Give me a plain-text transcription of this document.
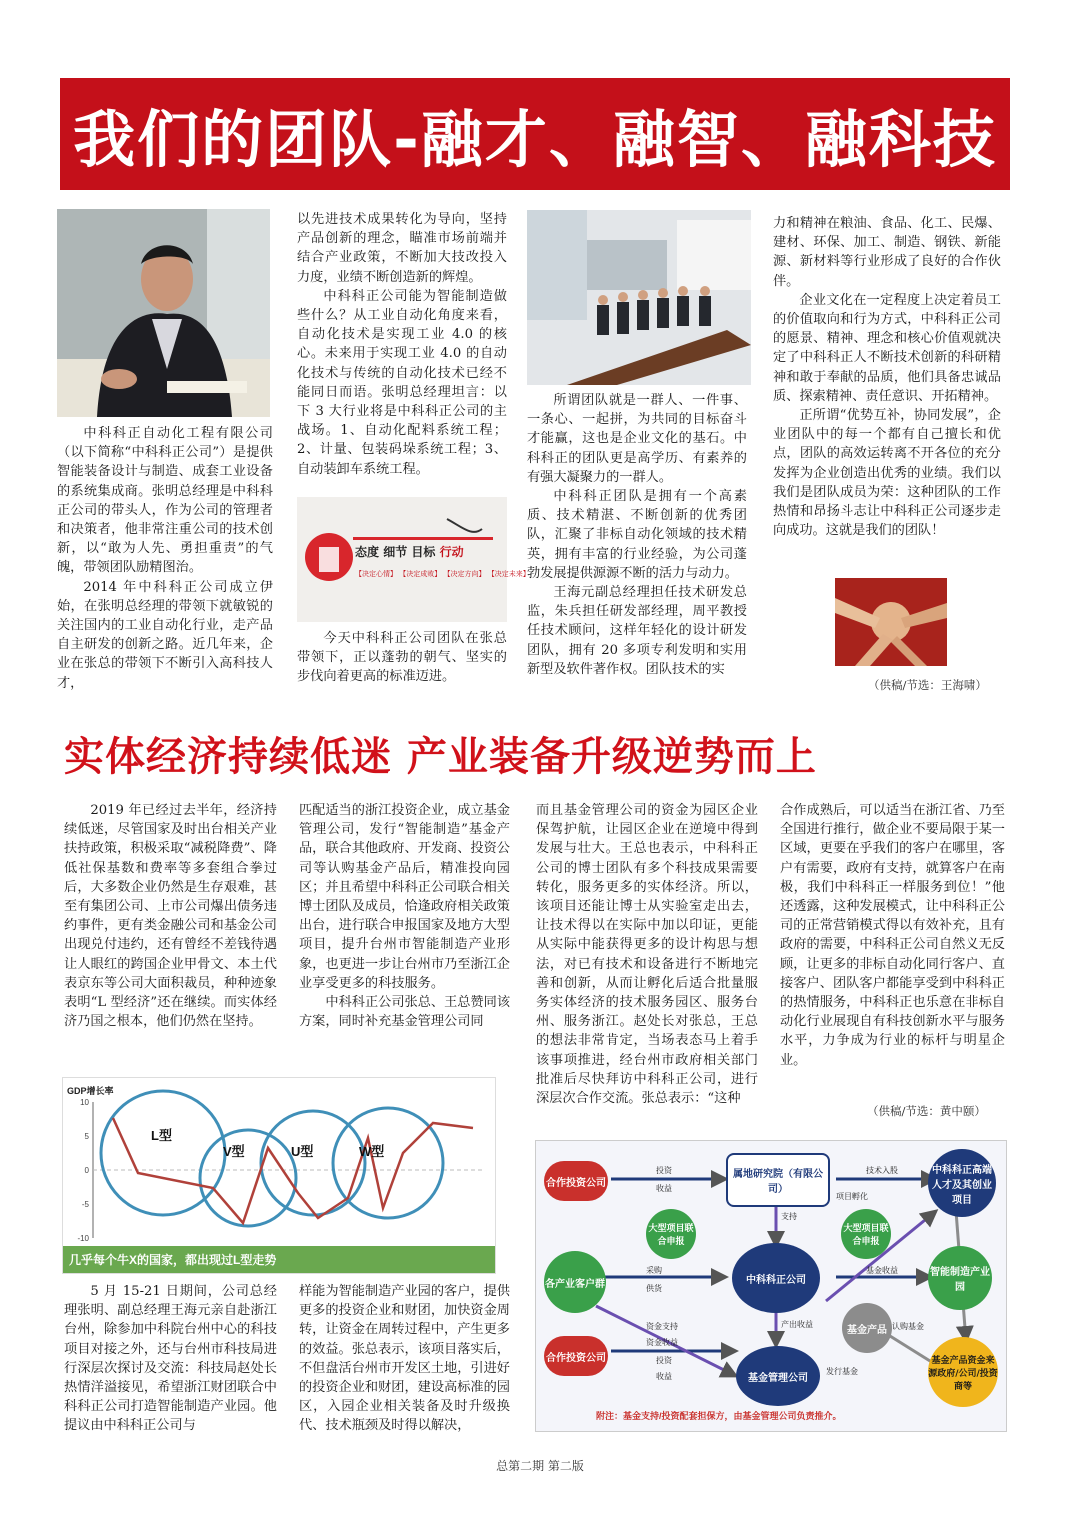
我们的团队-融才、融智、融科技

中科科正自动化工程有限公司（以下简称“中科科正公司”）是提供智能装备设计与制造、成套工业设备的系统集成商。张明总经理是中科科正公司的带头人，作为公司的管理者和决策者，他非常注重公司的技术创新，以“敢为人先、勇担重责”的气魄，带领团队励精图治。

2014 年中科科正公司成立伊始，在张明总经理的带领下就敏锐的关注国内的工业自动化行业，走产品自主研发的创新之路。近几年来，企业在张总的带领下不断引入高科技人才，

以先进技术成果转化为导向，坚持产品创新的理念，瞄准市场前端并结合产业政策，不断加大技改投入力度，业绩不断创造新的辉煌。

中科科正公司能为智能制造做些什么？从工业自动化角度来看，自动化技术是实现工业 4.0 的核心。未来用于实现工业 4.0 的自动化技术与传统的自动化技术已经不能同日而语。张明总经理坦言：以下 3 大行业将是中科科正公司的主战场。1、自动化配料系统工程；2、计量、包装码垛系统工程；3、自动装卸车系统工程。

态度 细节 目标 行动
【决定心情】 【决定成败】 【决定方向】 【决定未来】

今天中科科正公司团队在张总带领下，正以蓬勃的朝气、坚实的步伐向着更高的标准迈进。

所谓团队就是一群人、一件事、一条心、一起拼，为共同的目标奋斗才能赢，这也是企业文化的基石。中科科正的团队更是高学历、有素养的有强大凝聚力的一群人。

中科科正团队是拥有一个高素质、技术精湛、不断创新的优秀团队，汇聚了非标自动化领域的技术精英，拥有丰富的行业经验，为公司蓬勃发展提供源源不断的活力与动力。

王海元副总经理担任技术研发总监，朱兵担任研发部经理，周平教授任技术顾问，这样年轻化的设计研发团队，拥有 20 多项专利发明和实用新型及软件著作权。团队技术的实

力和精神在粮油、食品、化工、民爆、建材、环保、加工、制造、钢铁、新能源、新材料等行业形成了良好的合作伙伴。

企业文化在一定程度上决定着员工的价值取向和行为方式，中科科正公司的愿景、精神、理念和核心价值观就决定了中科科正人不断技术创新的科研精神和敢于奉献的品质，他们具备忠诚品质、探索精神、责任意识、开拓精神。

正所谓“优势互补，协同发展”，企业团队中的每一个都有自己擅长和优点，团队的高效运转离不开各位的充分发挥为企业创造出优秀的业绩。我们以我们是团队成员为荣：这种团队的工作热情和昂扬斗志让中科科正公司逐步走向成功。这就是我们的团队！

（供稿/节选：王海啸）
实体经济持续低迷 产业装备升级逆势而上

2019 年已经过去半年，经济持续低迷，尽管国家及时出台相关产业扶持政策，积极采取“减税降费”、降低社保基数和费率等多套组合拳过后，大多数企业仍然是生存艰难，甚至有集团公司、上市公司爆出债务违约事件，更有类金融公司和基金公司出现兑付违约，还有曾经不差钱待遇让人眼红的跨国企业甲骨文、本土代表京东等公司大面积裁员，种种迹象表明“L 型经济”还在继续。而实体经济乃国之根本，他们仍然在坚持。

匹配适当的浙江投资企业，成立基金管理公司，发行“智能制造”基金产品，联合其他政府、开发商、投资公司等认购基金产品后，精准投向园区；并且希望中科科正公司联合相关博士团队及成员，恰逢政府相关政策出台，进行联合申报国家及地方大型项目，提升台州市智能制造产业形象，也更进一步让台州市乃至浙江企业享受更多的科技服务。

中科科正公司张总、王总赞同该方案，同时补充基金管理公司同

而且基金管理公司的资金为园区企业保驾护航，让园区企业在逆境中得到发展与壮大。王总也表示，中科科正公司的博士团队有多个科技成果需要转化，服务更多的实体经济。所以，该项目还能让博士从实验室走出去，让技术得以在实际中加以印证，更能从实际中能获得更多的设计构思与想法，对已有技术和设备进行不断地完善和创新，从而让孵化后适合批量服务实体经济的技术服务园区、服务台州、服务浙江。赵处长对张总，王总的想法非常肯定，当场表态马上着手该事项推进，经台州市政府相关部门批准后尽快拜访中科科正公司，进行深层次合作交流。张总表示：“这种

合作成熟后，可以适当在浙江省、乃至全国进行推行，做企业不要局限于某一区域，更要在乎我们的客户在哪里，客户有需要，政府有支持，就算客户在南极，我们中科科正一样服务到位！”他还透露，这种发展模式，让中科科正公司的正常营销模式得以有效补充，且有政府的需要，中科科正公司自然义无反顾，让更多的非标自动化同行客户、直接客户、团队客户都能享受到中科科正的热情服务，中科科正也乐意在非标自动化行业展现自有科技创新水平与服务水平，力争成为行业的标杆与明星企业。

（供稿/节选：黄中颐）
GDP增长率
10
5
0
-5
-10
L型
V型	U型	W型
几乎每个牛X的国家，都出现过L型走势

5 月 15-21 日期间，公司总经理张明、副总经理王海元亲自赴浙江台州，除参加中科院台州中心的科技项目对接之外，还与台州市科技局进行深层次探讨及交流：科技局赵处长热情洋溢接见，希望浙江财团联合中科科正公司打造智能制造产业园。他提议由中科科正公司与

样能为智能制造产业园的客户，提供更多的投资企业和财团，加快资金周转，让资金在周转过程中，产生更多的效益。张总表示，该项目落实后，不但盘活台州市开发区土地，引进好的投资企业和财团，建设高标准的园区，入园企业相关装备及时升级换代、技术瓶颈及时得以解决，

合作投资公司
属地研究院（有限公司）
中科科正高端人才及其创业项目
大型项目联合申报
大型项目联合申报
各产业客户群	中科科正公司
智能制造产业园
基金产品
合作投资公司
基金管理公司
基金产品资金来源政府/公司/投资商等
投资
收益
技术入股
支持
项目孵化
采购
供货
基金收益
资金支持
资金收益
产出收益
发行基金
认购基金
投资
收益
附注：基金支持/投资配套担保方，由基金管理公司负责推介。
总第二期 第二版
